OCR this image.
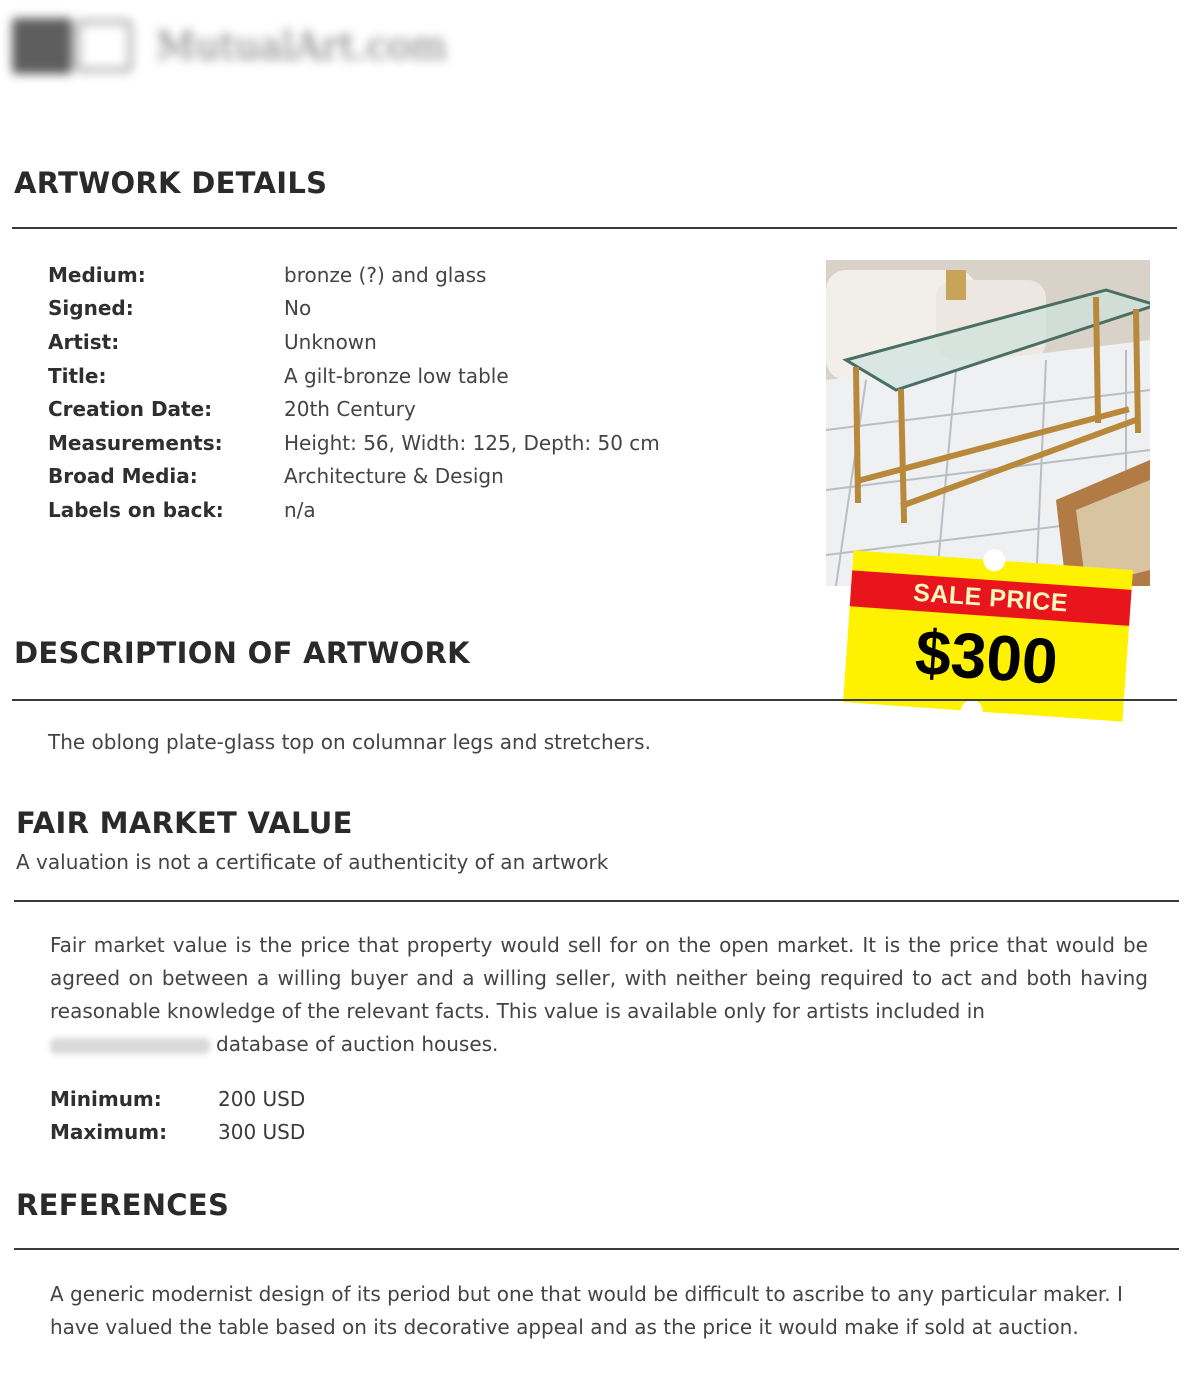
MutualArt.com
ARTWORK DETAILS
Medium:	bronze (?) and glass
Signed:	No
Artist:	Unknown
Title:	A gilt-bronze low table
Creation Date:	20th Century
Measurements:	Height: 56, Width: 125, Depth: 50 cm
Broad Media:	Architecture & Design
Labels on back:	n/a
SALE PRICE
$300
DESCRIPTION OF ARTWORK
The oblong plate-glass top on columnar legs and stretchers.
FAIR MARKET VALUE
A valuation is not a certificate of authenticity of an artwork
Fair market value is the price that property would sell for on the open market. It is the price that would be agreed on between a willing buyer and a willing seller, with neither being required to act and both having reasonable knowledge of the relevant facts. This value is available only for artists included in
database of auction houses.
Minimum:	200 USD
Maximum:	300 USD
REFERENCES
A generic modernist design of its period but one that would be difficult to ascribe to any particular maker. I have valued the table based on its decorative appeal and as the price it would make if sold at auction.
